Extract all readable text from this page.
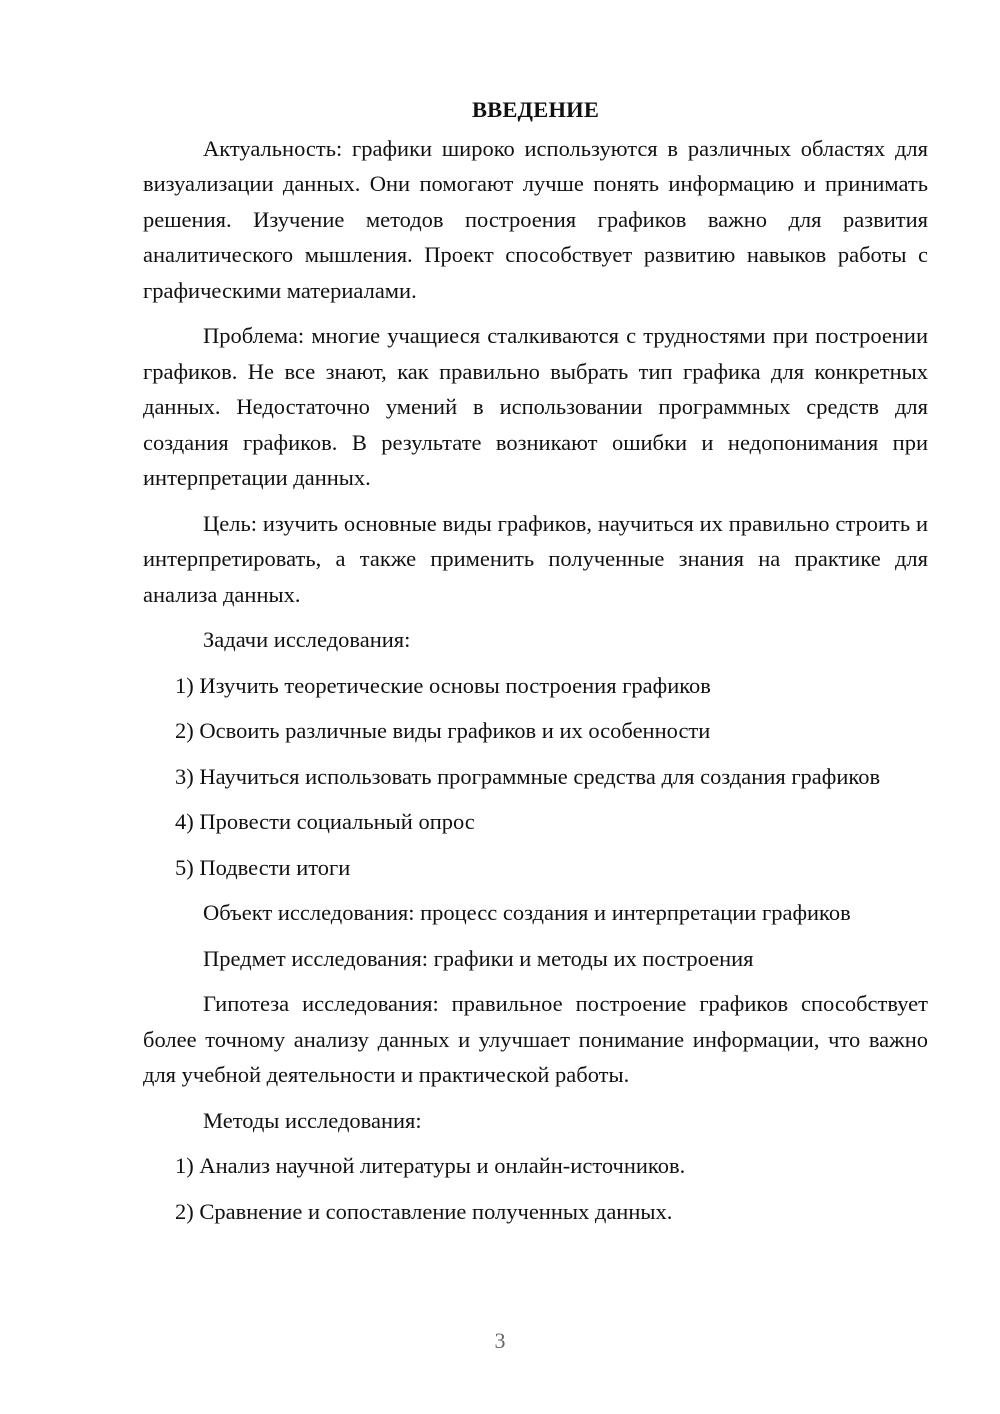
ВВЕДЕНИЕ

Актуальность: графики широко используются в различных областях для визуализации данных. Они помогают лучше понять информацию и принимать решения. Изучение методов построения графиков важно для развития аналитического мышления. Проект способствует развитию навыков работы с графическими материалами.

Проблема: многие учащиеся сталкиваются с трудностями при построении графиков. Не все знают, как правильно выбрать тип графика для конкретных данных. Недостаточно умений в использовании программных средств для создания графиков. В результате возникают ошибки и недопонимания при интерпретации данных.

Цель: изучить основные виды графиков, научиться их правильно строить и интерпретировать, а также применить полученные знания на практике для анализа данных.

Задачи исследования:

1) Изучить теоретические основы построения графиков

2) Освоить различные виды графиков и их особенности

3) Научиться использовать программные средства для создания графиков

4) Провести социальный опрос

5) Подвести итоги

Объект исследования: процесс создания и интерпретации графиков

Предмет исследования: графики и методы их построения

Гипотеза исследования: правильное построение графиков способствует более точному анализу данных и улучшает понимание информации, что важно для учебной деятельности и практической работы.

Методы исследования:

1) Анализ научной литературы и онлайн-источников.

2) Сравнение и сопоставление полученных данных.

3
